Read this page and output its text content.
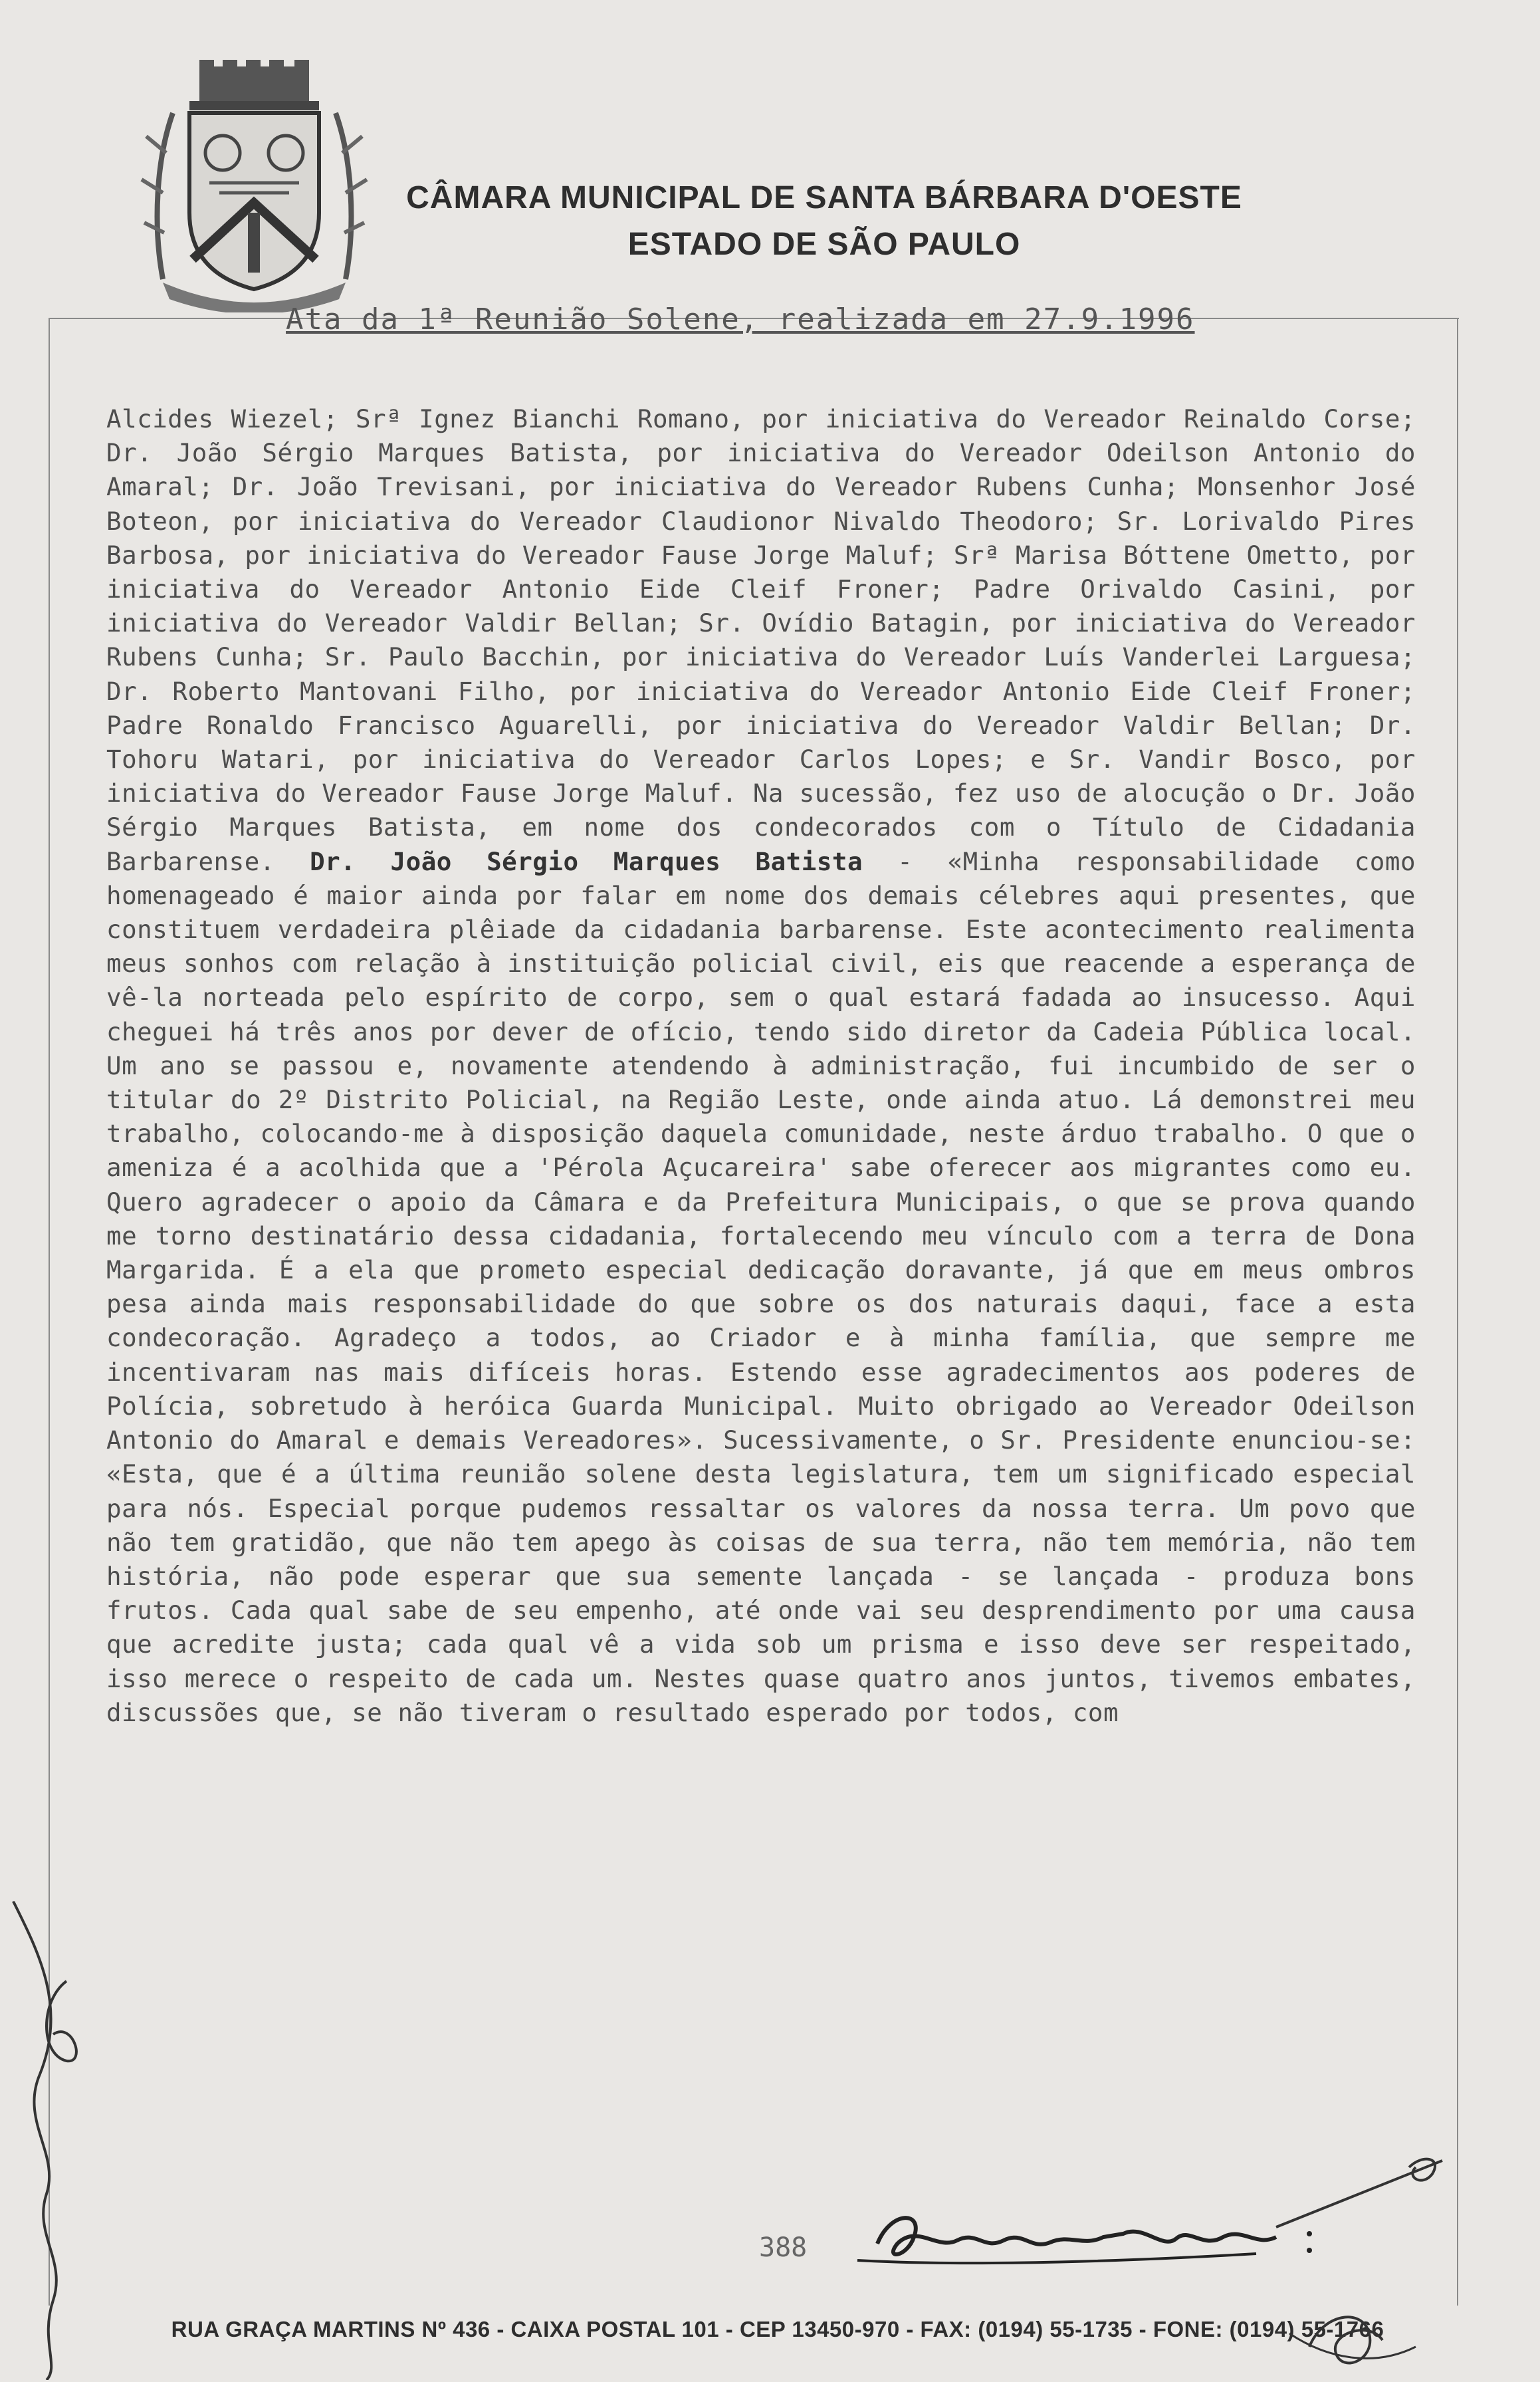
CÂMARA MUNICIPAL DE SANTA BÁRBARA D'OESTE
ESTADO DE SÃO PAULO
Ata da 1ª Reunião Solene, realizada em 27.9.1996
Alcides Wiezel; Srª Ignez Bianchi Romano, por iniciativa do Vereador Reinaldo Corse; Dr. João Sérgio Marques Batista, por iniciativa do Vereador Odeilson Antonio do Amaral; Dr. João Trevisani, por iniciativa do Vereador Rubens Cunha; Monsenhor José Boteon, por iniciativa do Vereador Claudionor Nivaldo Theodoro; Sr. Lorivaldo Pires Barbosa, por iniciativa do Vereador Fause Jorge Maluf; Srª Marisa Bóttene Ometto, por iniciativa do Vereador Antonio Eide Cleif Froner; Padre Orivaldo Casini, por iniciativa do Vereador Valdir Bellan; Sr. Ovídio Batagin, por iniciativa do Vereador Rubens Cunha; Sr. Paulo Bacchin, por iniciativa do Vereador Luís Vanderlei Larguesa; Dr. Roberto Mantovani Filho, por iniciativa do Vereador Antonio Eide Cleif Froner; Padre Ronaldo Francisco Aguarelli, por iniciativa do Vereador Valdir Bellan; Dr. Tohoru Watari, por iniciativa do Vereador Carlos Lopes; e Sr. Vandir Bosco, por iniciativa do Vereador Fause Jorge Maluf. Na sucessão, fez uso de alocução o Dr. João Sérgio Marques Batista, em nome dos condecorados com o Título de Cidadania Barbarense. Dr. João Sérgio Marques Batista - «Minha responsabilidade como homenageado é maior ainda por falar em nome dos demais célebres aqui presentes, que constituem verdadeira plêiade da cidadania barbarense. Este acontecimento realimenta meus sonhos com relação à instituição policial civil, eis que reacende a esperança de vê-la norteada pelo espírito de corpo, sem o qual estará fadada ao insucesso. Aqui cheguei há três anos por dever de ofício, tendo sido diretor da Cadeia Pública local. Um ano se passou e, novamente atendendo à administração, fui incumbido de ser o titular do 2º Distrito Policial, na Região Leste, onde ainda atuo. Lá demonstrei meu trabalho, colocando-me à disposição daquela comunidade, neste árduo trabalho. O que o ameniza é a acolhida que a 'Pérola Açucareira' sabe oferecer aos migrantes como eu. Quero agradecer o apoio da Câmara e da Prefeitura Municipais, o que se prova quando me torno destinatário dessa cidadania, fortalecendo meu vínculo com a terra de Dona Margarida. É a ela que prometo especial dedicação doravante, já que em meus ombros pesa ainda mais responsabilidade do que sobre os dos naturais daqui, face a esta condecoração. Agradeço a todos, ao Criador e à minha família, que sempre me incentivaram nas mais difíceis horas. Estendo esse agradecimentos aos poderes de Polícia, sobretudo à heróica Guarda Municipal. Muito obrigado ao Vereador Odeilson Antonio do Amaral e demais Vereadores». Sucessivamente, o Sr. Presidente enunciou-se: «Esta, que é a última reunião solene desta legislatura, tem um significado especial para nós. Especial porque pudemos ressaltar os valores da nossa terra. Um povo que não tem gratidão, que não tem apego às coisas de sua terra, não tem memória, não tem história, não pode esperar que sua semente lançada - se lançada - produza bons frutos. Cada qual sabe de seu empenho, até onde vai seu desprendimento por uma causa que acredite justa; cada qual vê a vida sob um prisma e isso deve ser respeitado, isso merece o respeito de cada um. Nestes quase quatro anos juntos, tivemos embates, discussões que, se não tiveram o resultado esperado por todos, com
388
RUA GRAÇA MARTINS Nº 436 - CAIXA POSTAL 101 - CEP 13450-970 - FAX: (0194) 55-1735 - FONE: (0194) 55-1766
